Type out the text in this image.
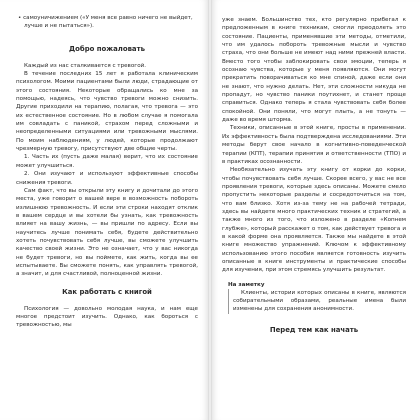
• самоуничижением («У меня все равно ничего не выйдет,

лучше и не пытаться»).

Добро пожаловать

Каждый из нас сталкивается с тревогой.

В течение последних 15 лет я работала клиническим психологом. Моими пациентами были люди, страдающие от этого состояния. Некоторые обращались ко мне за помощью, надеясь, что чувство тревоги можно снизить. Другие приходили на терапию, полагая, что тревога — это их естественное состояние. Но в любом случае я помогала им совладать с паникой, страхом перед сложными и неопределенными ситуациями или тревожными мыслями. По моим наблюдениям, у людей, которые продолжают чрезмерную тревогу, присутствуют две общие черты.

1. Часть их (пусть даже малая) верит, что их состояние может улучшиться.

2. Они изучают и используют эффективные способы снижения тревоги.

Сам факт, что вы открыли эту книгу и дочитали до этого места, уже говорит о вашей вере в возможность побороть излишнюю тревожность. И если эти строки находят отклик в вашем сердце и вы хотели бы узнать, как тревожность влияет на вашу жизнь, — вы пришли по адресу. Если вы научитесь лучше понимать себя, будете действительно хотеть почувствовать себя лучше, вы сможете улучшить качество своей жизни. Это не означает, что у вас никогда не будет тревоги, но вы поймете, как жить, когда вы ее испытываете. Вы сможете понять, как управлять тревогой, а значит, и для счастливой, полноценной жизни.

Как работать с книгой

Психология — довольно молодая наука, и нам еще многое предстоит изучить. Однако, как бороться с тревожностью, мы

уже знаем. Большинство тех, кто регулярно прибегал к предложенным в книге техникам, смогли преодолеть это состояние. Пациенты, применявшие эти методы, отметили, что им удалось побороть тревожные мысли и чувство страха, что они больше не имеют над ними прежней власти. Вместо того чтобы заблокировать свои эмоции, теперь я осознаю чувства, которые у меня появляются. Они могут прекратить поворачиваться ко мне спиной, даже если они не знают, что нужно делать. Нет, эти сложности никуда не пропадут, но чувство паники поутихнет, и станет проще справиться. Однако теперь я стала чувствовать себя более спокойной. Они поняли, что могут плыть, а не тонуть — даже во время шторма.

Техники, описанные в этой книге, просты в применении. Их эффективность была подтверждена исследованиями. Эти методы берут свое начало в когнитивно-поведенческой терапии (КПТ), терапии принятия и ответственности (ТПО) и в практиках осознанности.

Необязательно изучать эту книгу от корки до корки, чтобы почувствовать себя лучше. Скорее всего, у вас не все проявления тревоги, которые здесь описаны. Можете смело пропустить некоторые разделы и сосредоточиться на том, что вам близко. Хотя из-за тему не на рабочей тетради, здесь вы найдете много практических техник и стратегий, а также много из того, что изложено в разделе «Копнем глубже», который расскажет о том, как действует тревога и в какой форме она проявляется. Также мы найдете в этой книге множество упражнений. Ключом к эффективному использованию этого пособия является готовность изучить описанные в книге инструменты и практические способы для изучения, при этом стремясь улучшить результат.

На заметку

Клиенты, истории которых описаны в книге, являются собирательными образами, реальные имена были изменены для сохранения анонимности.

Перед тем как начать
